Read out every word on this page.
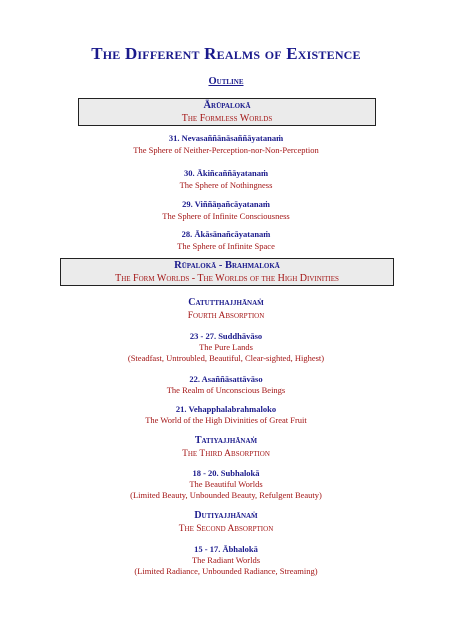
The Different Realms of Existence
Outline
Ārūpalokā
The Formless Worlds
31. Nevasaññānāsaññāyatanaṁ
The Sphere of Neither-Perception-nor-Non-Perception
30. Ākiñcaññāyatanaṁ
The Sphere of Nothingness
29. Viññāṇañcāyatanaṁ
The Sphere of Infinite Consciousness
28. Ākāsānañcāyatanaṁ
The Sphere of Infinite Space
Rūpalokā - Brahmalokā
The Form Worlds - The Worlds of the High Divinities
Catutthajjhānaṁ
Fourth Absorption
23 - 27. Suddhāvāso
The Pure Lands
(Steadfast, Untroubled, Beautiful, Clear-sighted, Highest)
22. Asaññāsattāvāso
The Realm of Unconscious Beings
21. Vehapphalabrahmaloko
The World of the High Divinities of Great Fruit
Tatiyajjhānaṁ
The Third Absorption
18 - 20. Subhalokā
The Beautiful Worlds
(Limited Beauty, Unbounded Beauty, Refulgent Beauty)
Dutiyajjhānaṁ
The Second Absorption
15 - 17. Ābhalokā
The Radiant Worlds
(Limited Radiance, Unbounded Radiance, Streaming)
